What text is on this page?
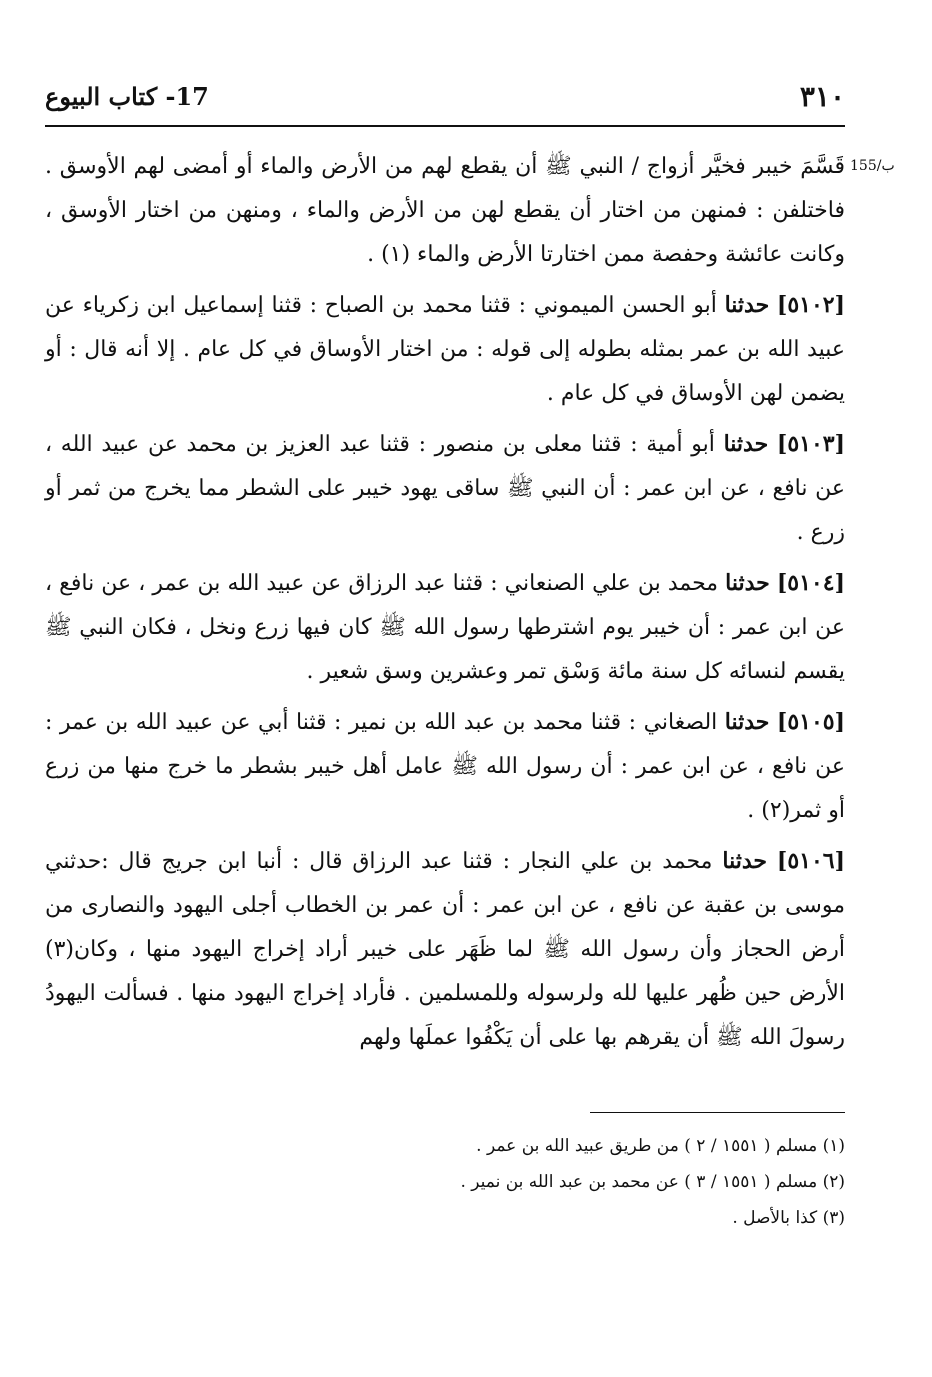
٣١٠
17- كتاب البيوع
155/ب

قَسَّمَ خيبر فخيَّر أزواج / النبي ﷺ أن يقطع لهم من الأرض والماء أو أمضى لهم الأوسق . فاختلفن : فمنهن من اختار أن يقطع لهن من الأرض والماء ، ومنهن من اختار الأوسق ، وكانت عائشة وحفصة ممن اختارتا الأرض والماء (١) .

[٥١٠٢] حدثنا أبو الحسن الميموني : قثنا محمد بن الصباح : قثنا إسماعيل ابن زكرياء عن عبيد الله بن عمر بمثله بطوله إلى قوله : من اختار الأوساق في كل عام . إلا أنه قال : أو يضمن لهن الأوساق في كل عام .

[٥١٠٣] حدثنا أبو أمية : قثنا معلى بن منصور : قثنا عبد العزيز بن محمد عن عبيد الله ، عن نافع ، عن ابن عمر : أن النبي ﷺ ساقى يهود خيبر على الشطر مما يخرج من ثمر أو زرع .

[٥١٠٤] حدثنا محمد بن علي الصنعاني : قثنا عبد الرزاق عن عبيد الله بن عمر ، عن نافع ، عن ابن عمر : أن خيبر يوم اشترطها رسول الله ﷺ كان فيها زرع ونخل ، فكان النبي ﷺ يقسم لنسائه كل سنة مائة وَسْق تمر وعشرين وسق شعير .

[٥١٠٥] حدثنا الصغاني : قثنا محمد بن عبد الله بن نمير : قثنا أبي عن عبيد الله بن عمر : عن نافع ، عن ابن عمر : أن رسول الله ﷺ عامل أهل خيبر بشطر ما خرج منها من زرع أو ثمر(٢) .

[٥١٠٦] حدثنا محمد بن علي النجار : قثنا عبد الرزاق قال : أنبا ابن جريج قال :حدثني موسى بن عقبة عن نافع ، عن ابن عمر : أن عمر بن الخطاب أجلى اليهود والنصارى من أرض الحجاز وأن رسول الله ﷺ لما ظَهَر على خيبر أراد إخراج اليهود منها ، وكان(٣) الأرض حين ظُهر عليها لله ولرسوله وللمسلمين . فأراد إخراج اليهود منها . فسألت اليهودُ رسولَ الله ﷺ أن يقرهم بها على أن يَكْفُوا عملَها ولهم

(١) مسلم ( ١٥٥١ / ٢ ) من طريق عبيد الله بن عمر .
(٢) مسلم ( ١٥٥١ / ٣ ) عن محمد بن عبد الله بن نمير .
(٣) كذا بالأصل .
